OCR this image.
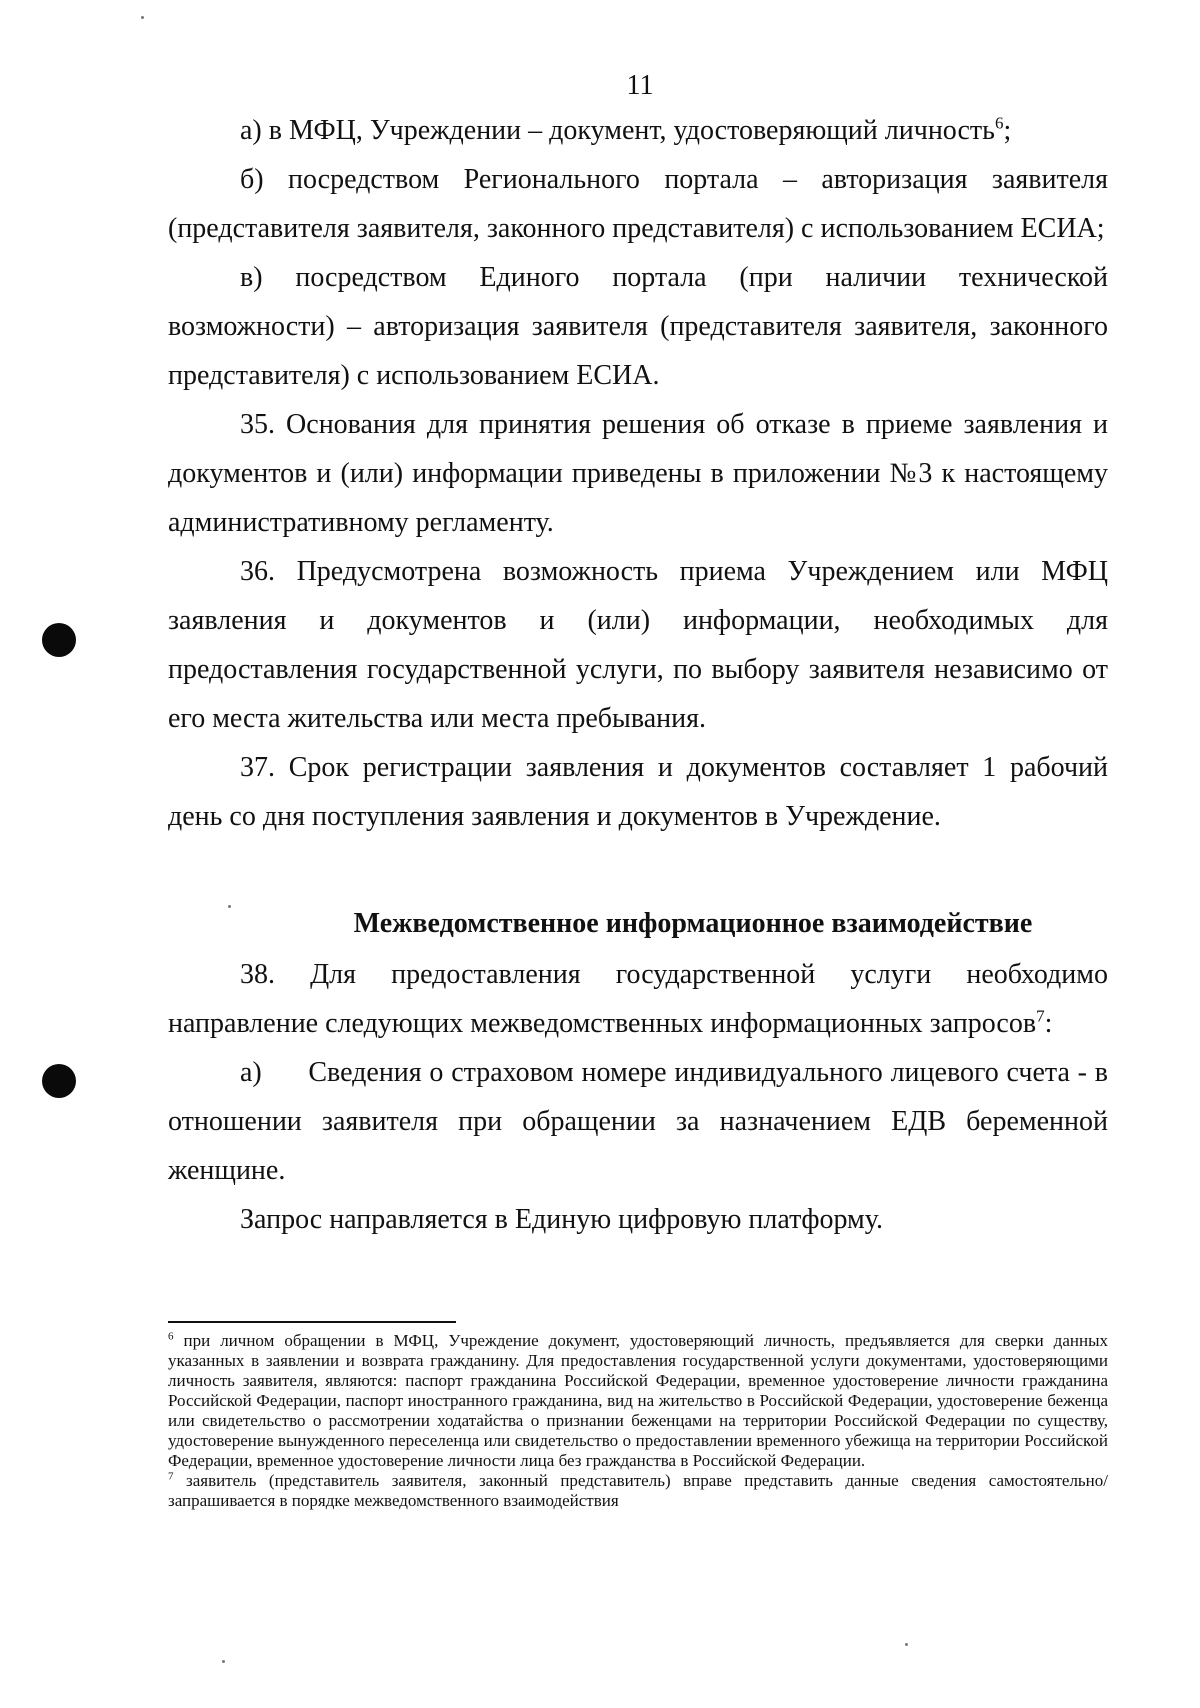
11

а) в МФЦ, Учреждении – документ, удостоверяющий личность$^6$;

б) посредством Регионального портала – авторизация заявителя (представителя заявителя, законного представителя) с использованием ЕСИА;

в) посредством Единого портала (при наличии технической возможности) – авторизация заявителя (представителя заявителя, законного представителя) с использованием ЕСИА.

35. Основания для принятия решения об отказе в приеме заявления и документов и (или) информации приведены в приложении №3 к настоящему административному регламенту.

36. Предусмотрена возможность приема Учреждением или МФЦ заявления и документов и (или) информации, необходимых для предоставления государственной услуги, по выбору заявителя независимо от его места жительства или места пребывания.

37. Срок регистрации заявления и документов составляет 1 рабочий день со дня поступления заявления и документов в Учреждение.

Межведомственное информационное взаимодействие

38. Для предоставления государственной услуги необходимо направление следующих межведомственных информационных запросов$^7$:

а)      Сведения о страховом номере индивидуального лицевого счета - в отношении заявителя при обращении за назначением ЕДВ беременной женщине.

Запрос направляется в Единую цифровую платформу.

$^6$ при личном обращении в МФЦ, Учреждение документ, удостоверяющий личность, предъявляется для сверки данных указанных в заявлении и возврата гражданину. Для предоставления государственной услуги документами, удостоверяющими личность заявителя, являются: паспорт гражданина Российской Федерации, временное удостоверение личности гражданина Российской Федерации, паспорт иностранного гражданина, вид на жительство в Российской Федерации, удостоверение беженца или свидетельство о рассмотрении ходатайства о признании беженцами на территории Российской Федерации по существу, удостоверение вынужденного переселенца или свидетельство о предоставлении временного убежища на территории Российской Федерации, временное удостоверение личности лица без гражданства в Российской Федерации.

$^7$ заявитель (представитель заявителя, законный представитель) вправе представить данные сведения самостоятельно/запрашивается в порядке межведомственного взаимодействия
